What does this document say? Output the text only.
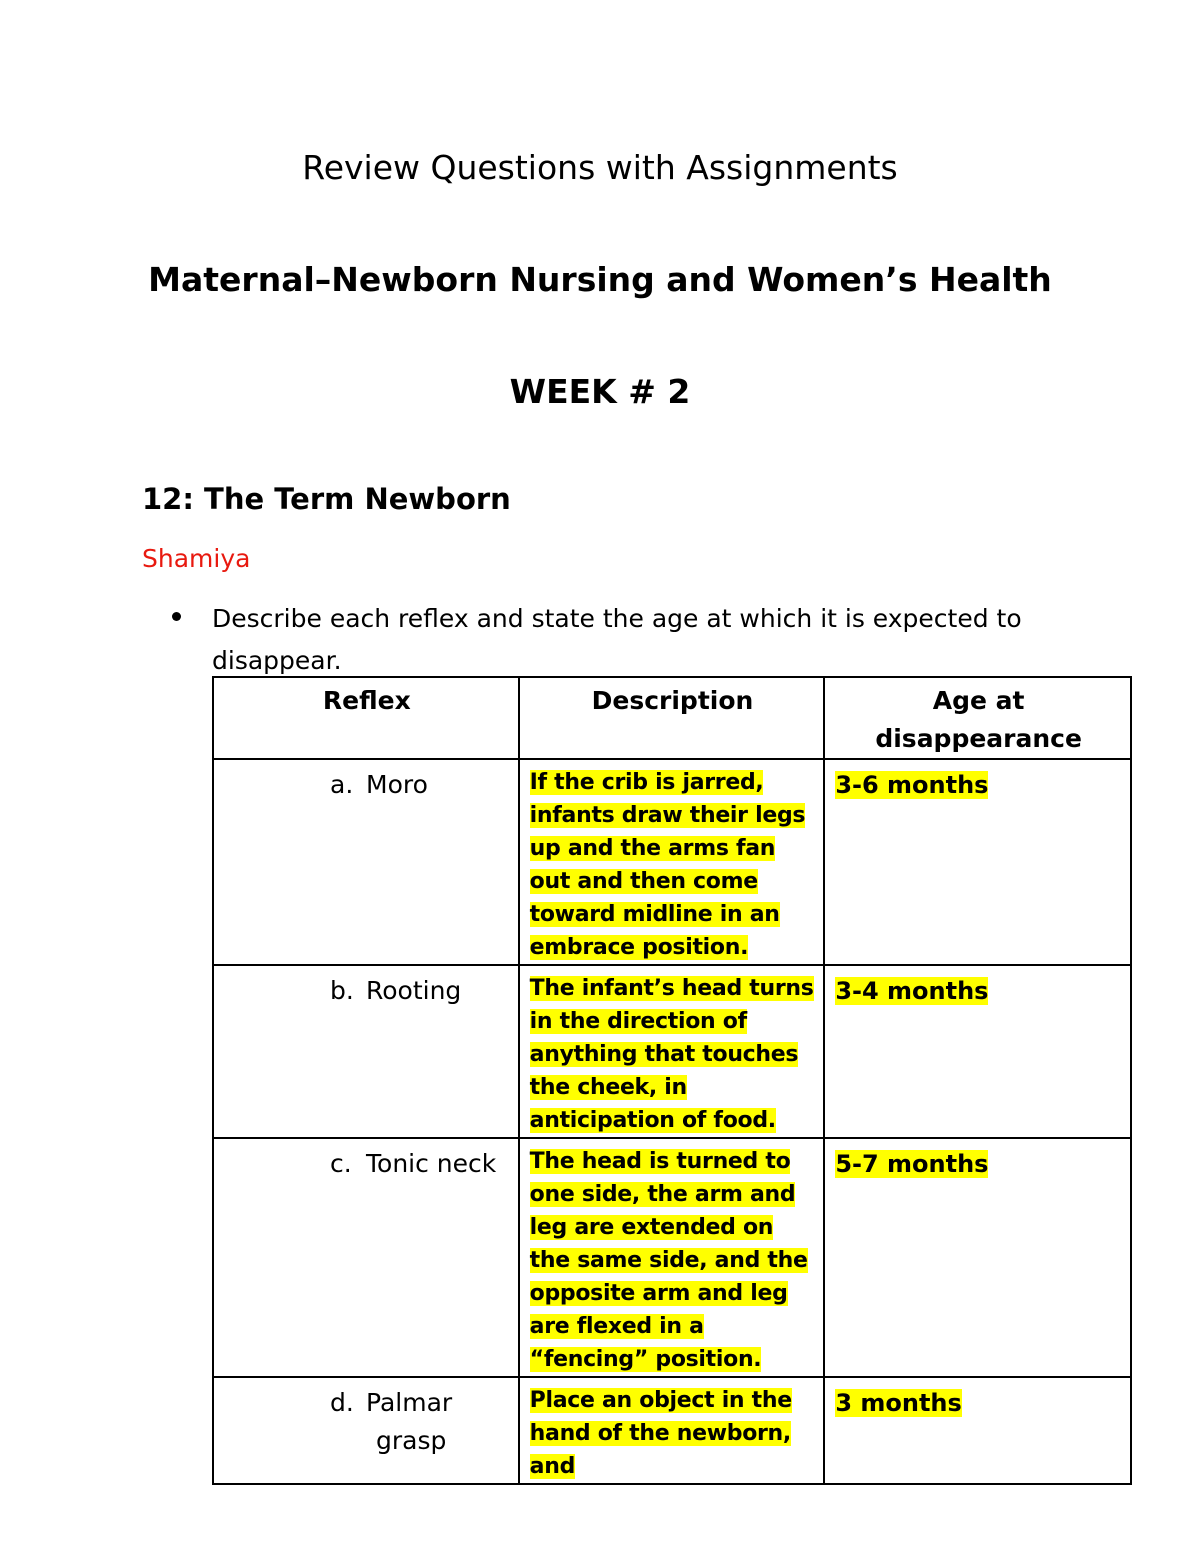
Review Questions with Assignments
Maternal–Newborn Nursing and Women’s Health
WEEK # 2
12: The Term Newborn
Shamiya
Describe each reflex and state the age at which it is expected to disappear.
Reflex	Description	Age at disappearance

a. Moro	If the crib is jarred, infants draw their legs up and the arms fan out and then come toward midline in an embrace position.	3-6 months

b. Rooting	The infant’s head turns in the direction of anything that touches the cheek, in anticipation of food.	3-4 months

c. Tonic neck	The head is turned to one side, the arm and leg are extended on the same side, and the opposite arm and leg are flexed in a “fencing” position.	5-7 months

d. Palmar
grasp	Place an object in the hand of the newborn, and	3 months
